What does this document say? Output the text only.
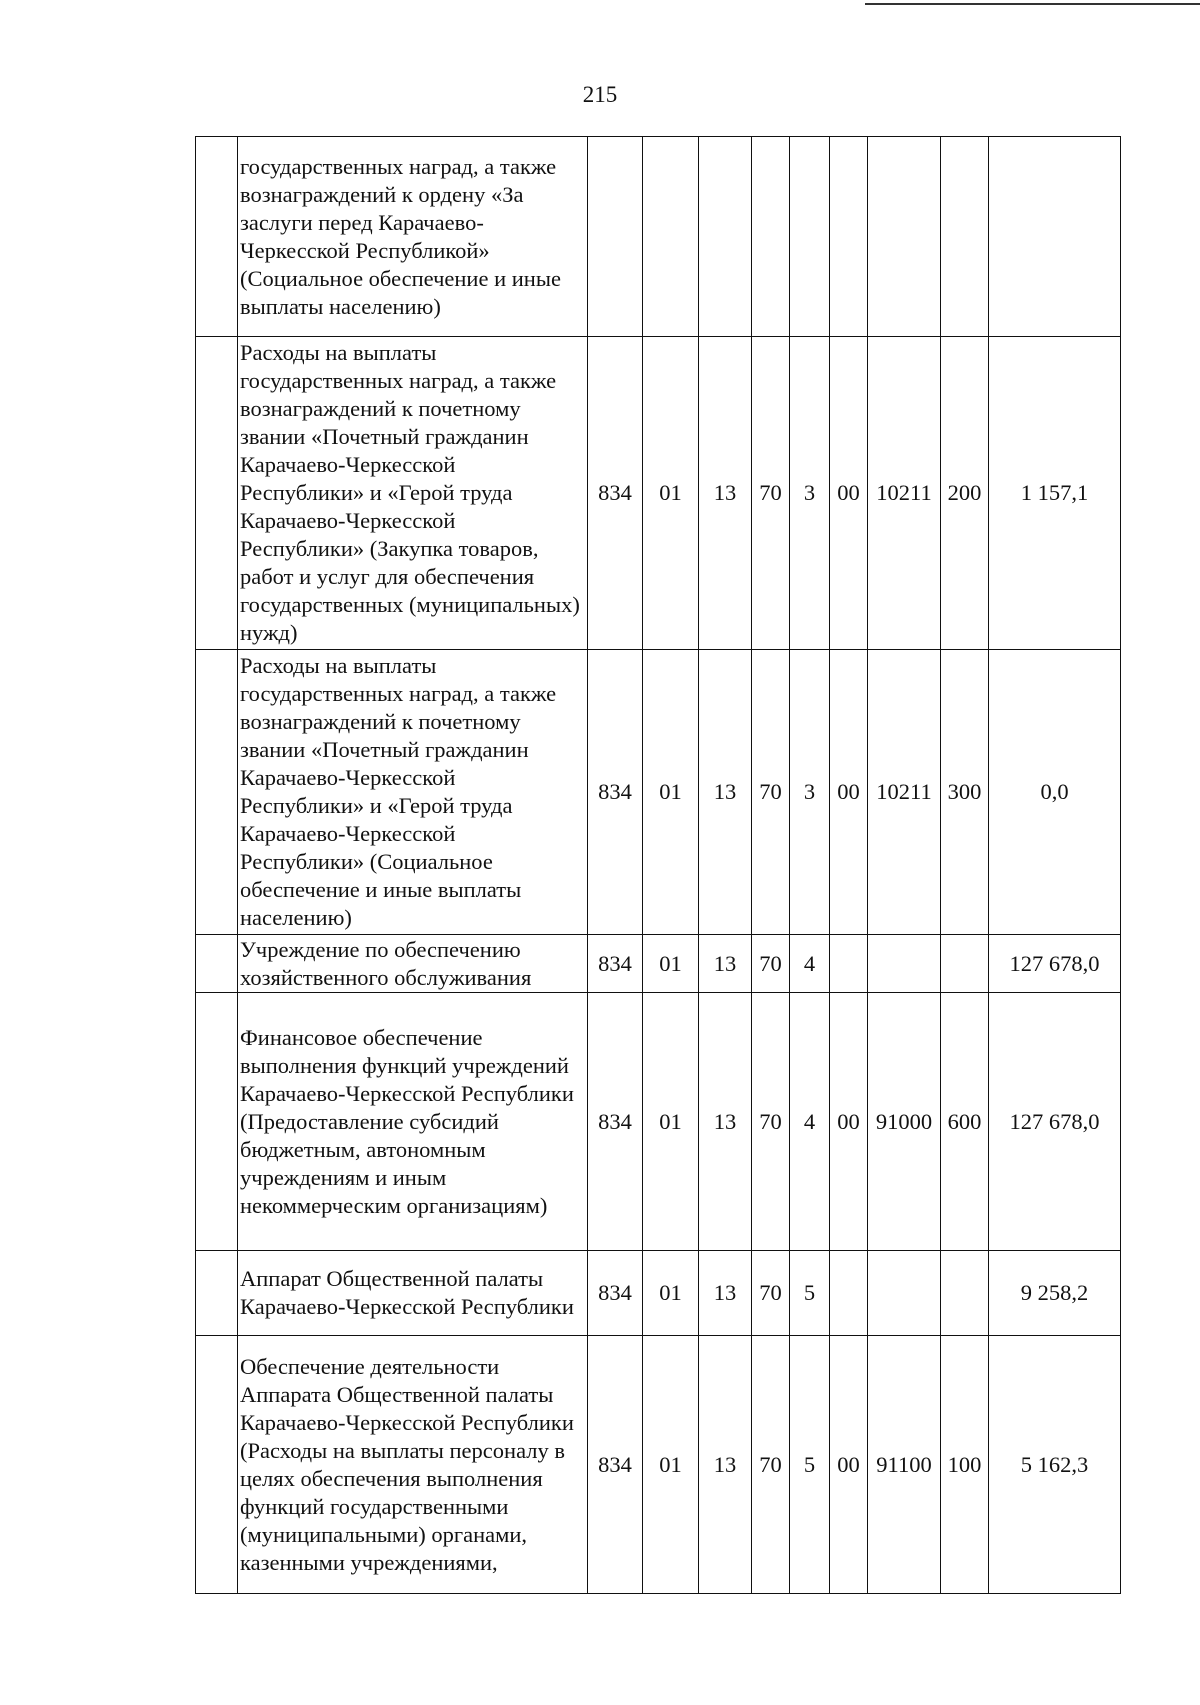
215
	государственных наград, а также вознаграждений к ордену «За заслуги перед Карачаево-Черкесской Республикой» (Социальное обеспечение и иные выплаты населению)									
	Расходы на выплаты государственных наград, а также вознаграждений к почетному звании «Почетный гражданин Карачаево-Черкесской Республики» и «Герой труда Карачаево-Черкесской Республики» (Закупка товаров, работ и услуг для обеспечения государственных (муниципальных) нужд)	834	01	13	70	3	00	10211	200	1 157,1
	Расходы на выплаты государственных наград, а также вознаграждений к почетному звании «Почетный гражданин Карачаево-Черкесской Республики» и «Герой труда Карачаево-Черкесской Республики» (Социальное обеспечение и иные выплаты населению)	834	01	13	70	3	00	10211	300	0,0
	Учреждение по обеспечению хозяйственного обслуживания	834	01	13	70	4				127 678,0
	Финансовое обеспечение выполнения функций учреждений Карачаево-Черкесской Республики (Предоставление субсидий бюджетным, автономным учреждениям и иным некоммерческим организациям)	834	01	13	70	4	00	91000	600	127 678,0
	Аппарат Общественной палаты Карачаево-Черкесской Республики	834	01	13	70	5				9 258,2
	Обеспечение деятельности Аппарата Общественной палаты Карачаево-Черкесской Республики (Расходы на выплаты персоналу в целях обеспечения выполнения функций государственными (муниципальными) органами, казенными учреждениями,	834	01	13	70	5	00	91100	100	5 162,3
